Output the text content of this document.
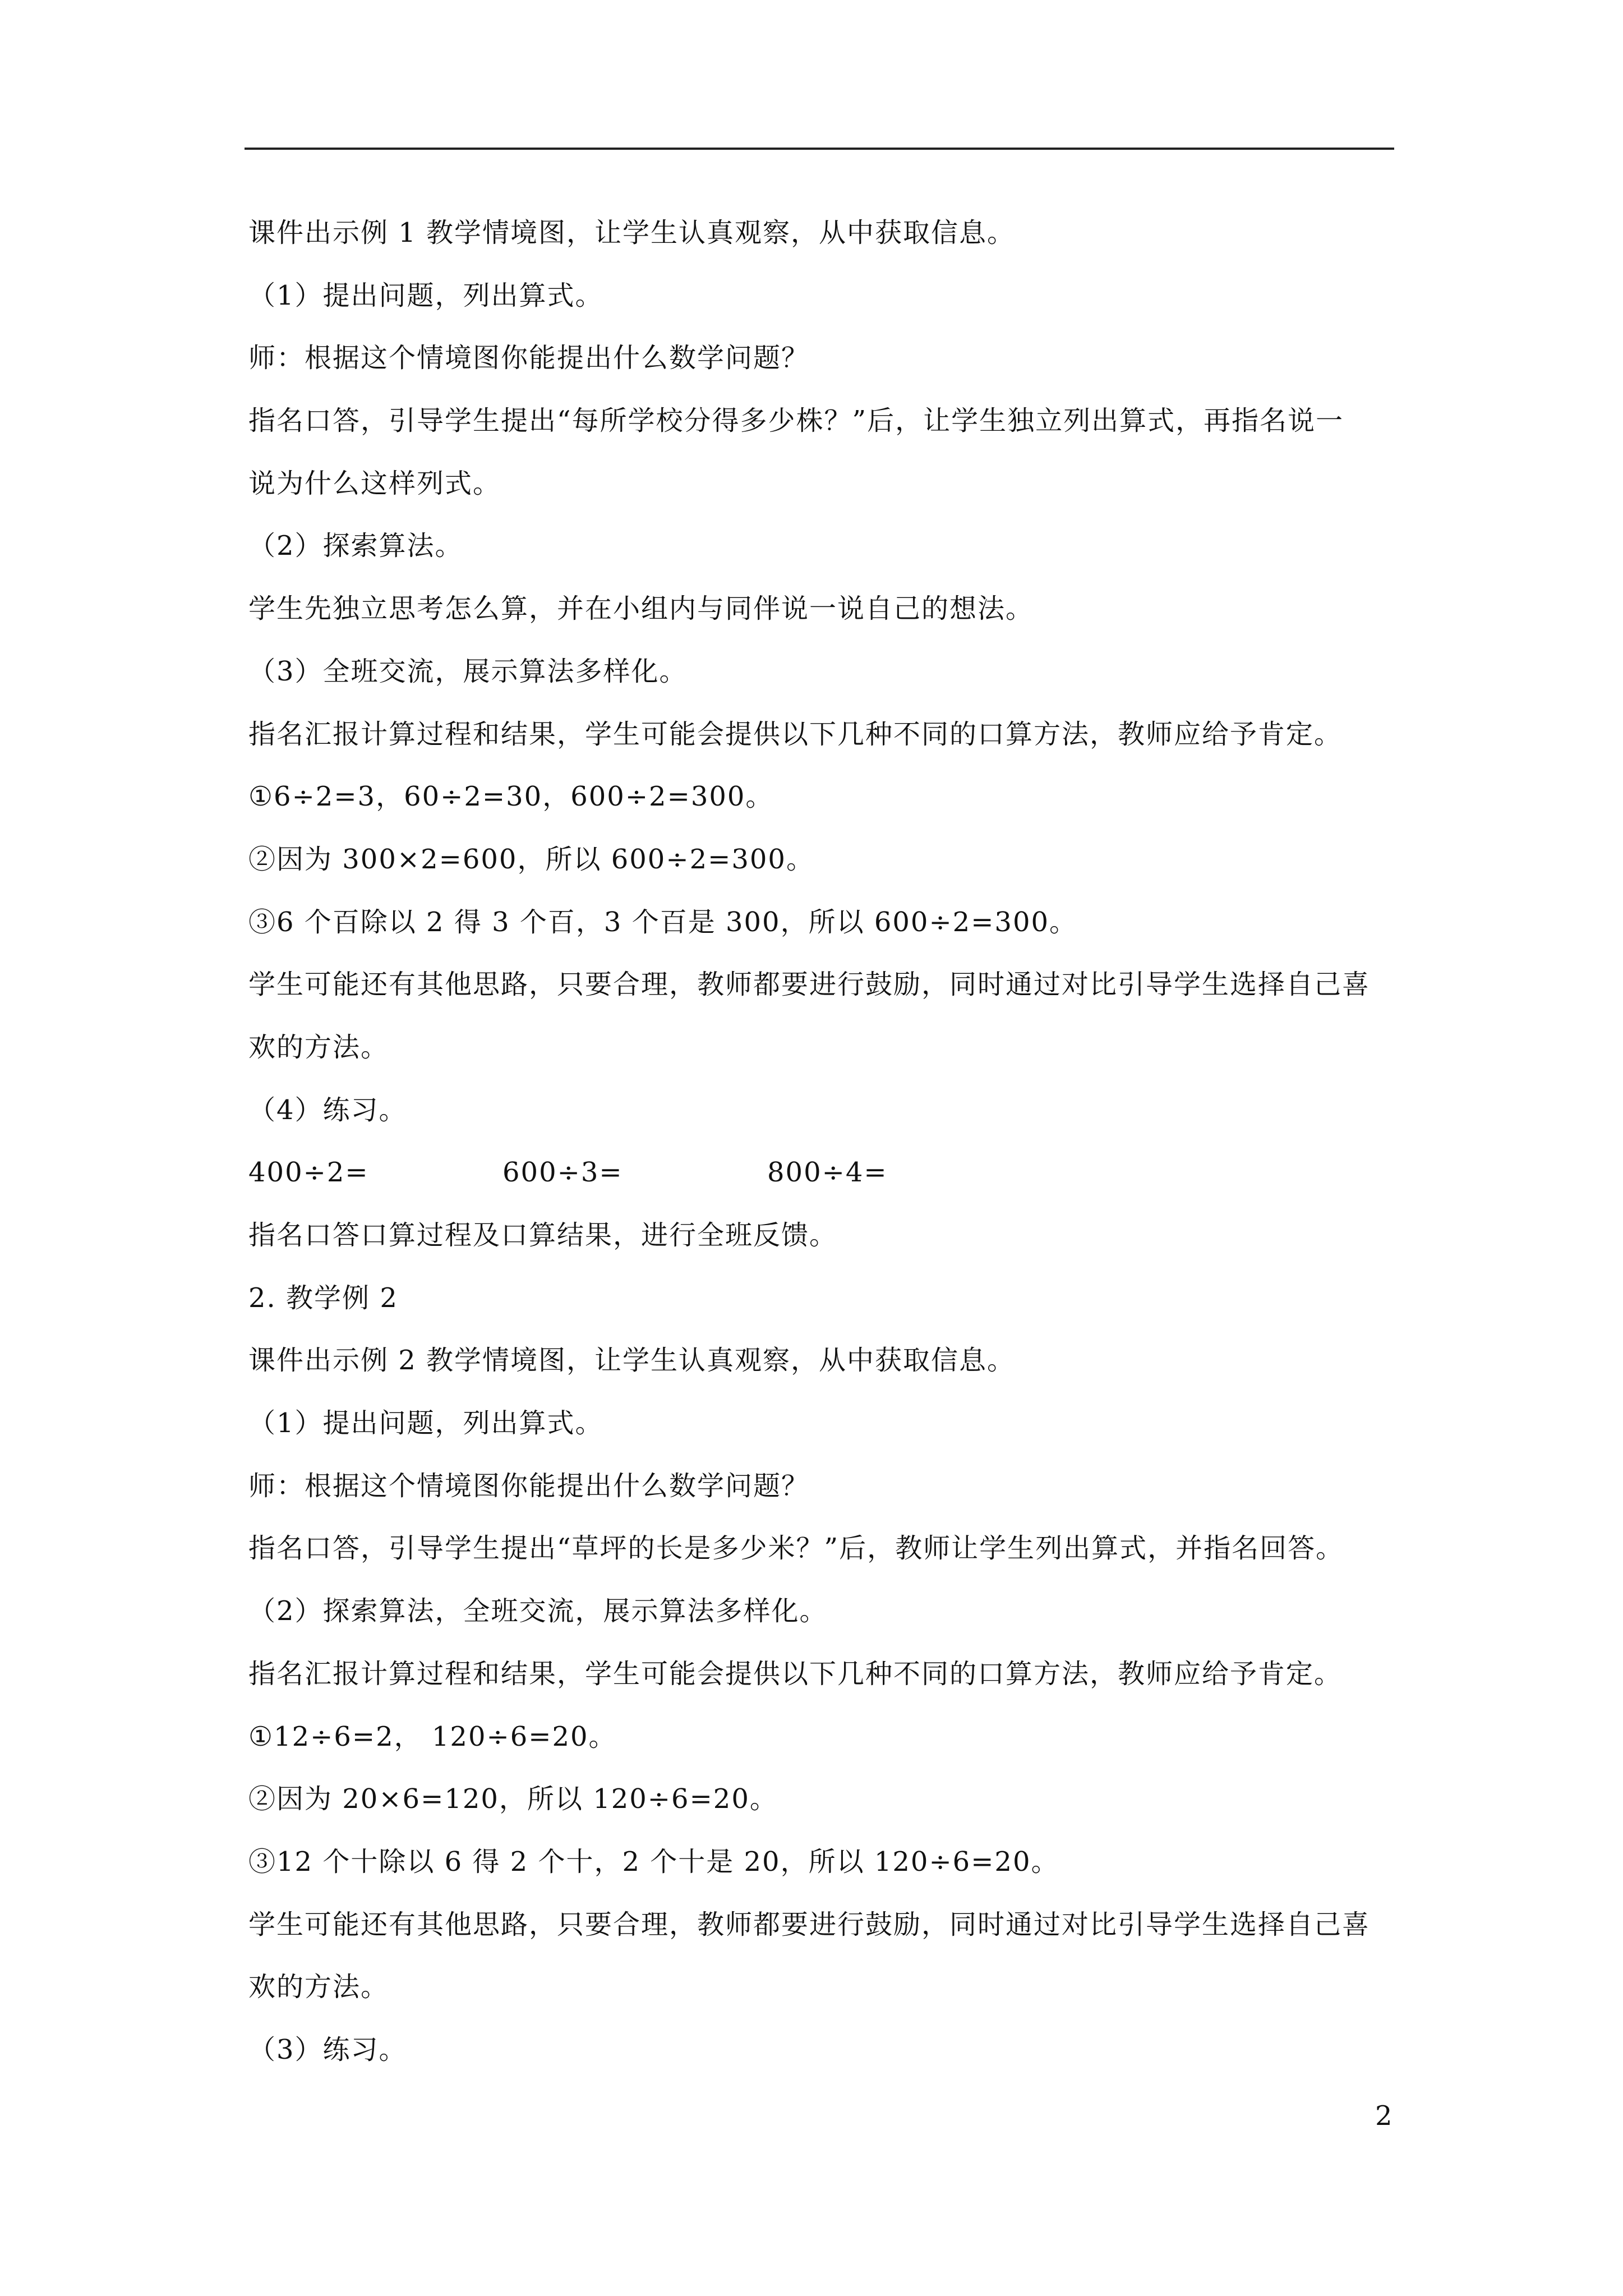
课件出示例 1 教学情境图，让学生认真观察，从中获取信息。
（1）提出问题，列出算式。
师：根据这个情境图你能提出什么数学问题？
指名口答，引导学生提出“每所学校分得多少株？”后，让学生独立列出算式，再指名说一
说为什么这样列式。
（2）探索算法。
学生先独立思考怎么算，并在小组内与同伴说一说自己的想法。
（3）全班交流，展示算法多样化。
指名汇报计算过程和结果，学生可能会提供以下几种不同的口算方法，教师应给予肯定。
①6÷2=3，60÷2=30，600÷2=300。
②因为 300×2=600，所以 600÷2=300。
③6 个百除以 2 得 3 个百，3 个百是 300，所以 600÷2=300。
学生可能还有其他思路，只要合理，教师都要进行鼓励，同时通过对比引导学生选择自己喜
欢的方法。
（4）练习。
400÷2=	600÷3=	800÷4=
指名口答口算过程及口算结果，进行全班反馈。
2. 教学例 2
课件出示例 2 教学情境图，让学生认真观察，从中获取信息。
（1）提出问题，列出算式。
师：根据这个情境图你能提出什么数学问题？
指名口答，引导学生提出“草坪的长是多少米？”后，教师让学生列出算式，并指名回答。
（2）探索算法，全班交流，展示算法多样化。
指名汇报计算过程和结果，学生可能会提供以下几种不同的口算方法，教师应给予肯定。
①12÷6=2， 120÷6=20。
②因为 20×6=120，所以 120÷6=20。
③12 个十除以 6 得 2 个十，2 个十是 20，所以 120÷6=20。
学生可能还有其他思路，只要合理，教师都要进行鼓励，同时通过对比引导学生选择自己喜
欢的方法。
（3）练习。
2
